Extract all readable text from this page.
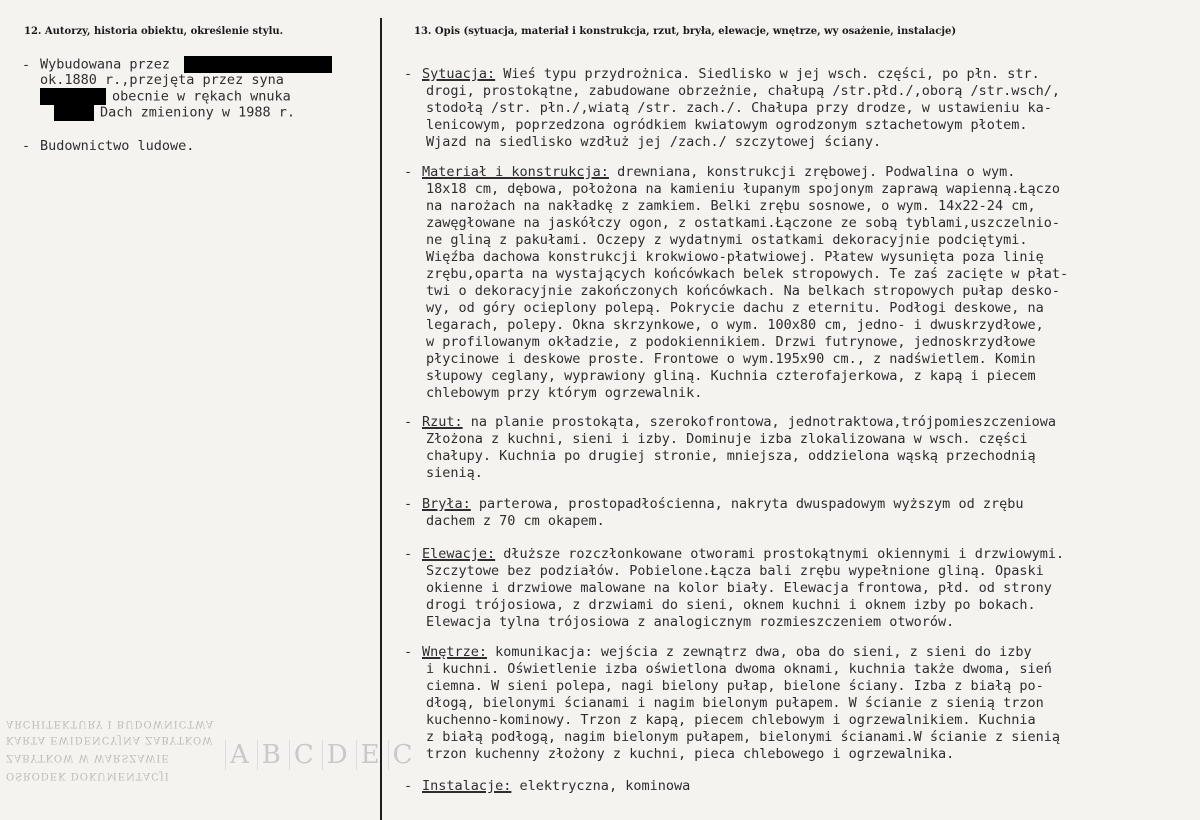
12. Autorzy, historia obiektu, określenie stylu.	13. Opis (sytuacja, materiał i konstrukcja, rzut, bryła, elewacje, wnętrze, wy osażenie, instalacje)
- Wybudowana przez
ok.1880 r.,przejęta przez syna
obecnie w rękach wnuka
Dach zmieniony w 1988 r.
- Budownictwo ludowe.
OŚRODEK DOKUMENTACJI
ZABYTKÓW W WARSZAWIE
KARTA EWIDENCYJNA ZABYTKÓW
ARCHITEKTURY I BUDOWNICTWA
A B C D E C
- Sytuacja: Wieś typu przydrożnica. Siedlisko w jej wsch. części, po płn. str.
drogi, prostokątne, zabudowane obrzeżnie, chałupą /str.płd./,oborą /str.wsch/,
stodołą /str. płn./,wiatą /str. zach./. Chałupa przy drodze, w ustawieniu ka-
lenicowym, poprzedzona ogródkiem kwiatowym ogrodzonym sztachetowym płotem.
Wjazd na siedlisko wzdłuż jej /zach./ szczytowej ściany.
- Materiał i konstrukcja: drewniana, konstrukcji zrębowej. Podwalina o wym.
18x18 cm, dębowa, położona na kamieniu łupanym spojonym zaprawą wapienną.Łączo
na narożach na nakładkę z zamkiem. Belki zrębu sosnowe, o wym. 14x22-24 cm,
zawęgłowane na jaskółczy ogon, z ostatkami.Łączone ze sobą tyblami,uszczelnio-
ne gliną z pakułami. Oczepy z wydatnymi ostatkami dekoracyjnie podciętymi.
Więźba dachowa konstrukcji krokwiowo-płatwiowej. Płatew wysunięta poza linię
zrębu,oparta na wystających końcówkach belek stropowych. Te zaś zacięte w płat-
twi o dekoracyjnie zakończonych końcówkach. Na belkach stropowych pułap desko-
wy, od góry ocieplony polepą. Pokrycie dachu z eternitu. Podłogi deskowe, na
legarach, polepy. Okna skrzynkowe, o wym. 100x80 cm, jedno- i dwuskrzydłowe,
w profilowanym okładzie, z podokiennikiem. Drzwi futrynowe, jednoskrzydłowe
płycinowe i deskowe proste. Frontowe o wym.195x90 cm., z nadświetlem. Komin
słupowy ceglany, wyprawiony gliną. Kuchnia czterofajerkowa, z kapą i piecem
chlebowym przy którym ogrzewalnik.
- Rzut: na planie prostokąta, szerokofrontowa, jednotraktowa,trójpomieszczeniowa
Złożona z kuchni, sieni i izby. Dominuje izba zlokalizowana w wsch. części
chałupy. Kuchnia po drugiej stronie, mniejsza, oddzielona wąską przechodnią
sienią.
- Bryła: parterowa, prostopadłościenna, nakryta dwuspadowym wyższym od zrębu
dachem z 70 cm okapem.
- Elewacje: dłuższe rozczłonkowane otworami prostokątnymi okiennymi i drzwiowymi.
Szczytowe bez podziałów. Pobielone.Łącza bali zrębu wypełnione gliną. Opaski
okienne i drzwiowe malowane na kolor biały. Elewacja frontowa, płd. od strony
drogi trójosiowa, z drzwiami do sieni, oknem kuchni i oknem izby po bokach.
Elewacja tylna trójosiowa z analogicznym rozmieszczeniem otworów.
- Wnętrze: komunikacja: wejścia z zewnątrz dwa, oba do sieni, z sieni do izby
i kuchni. Oświetlenie izba oświetlona dwoma oknami, kuchnia także dwoma, sień
ciemna. W sieni polepa, nagi bielony pułap, bielone ściany. Izba z białą po-
dłogą, bielonymi ścianami i nagim bielonym pułapem. W ścianie z sienią trzon
kuchenno-kominowy. Trzon z kapą, piecem chlebowym i ogrzewalnikiem. Kuchnia
z białą podłogą, nagim bielonym pułapem, bielonymi ścianami.W ścianie z sienią
trzon kuchenny złożony z kuchni, pieca chlebowego i ogrzewalnika.
- Instalacje: elektryczna, kominowa
